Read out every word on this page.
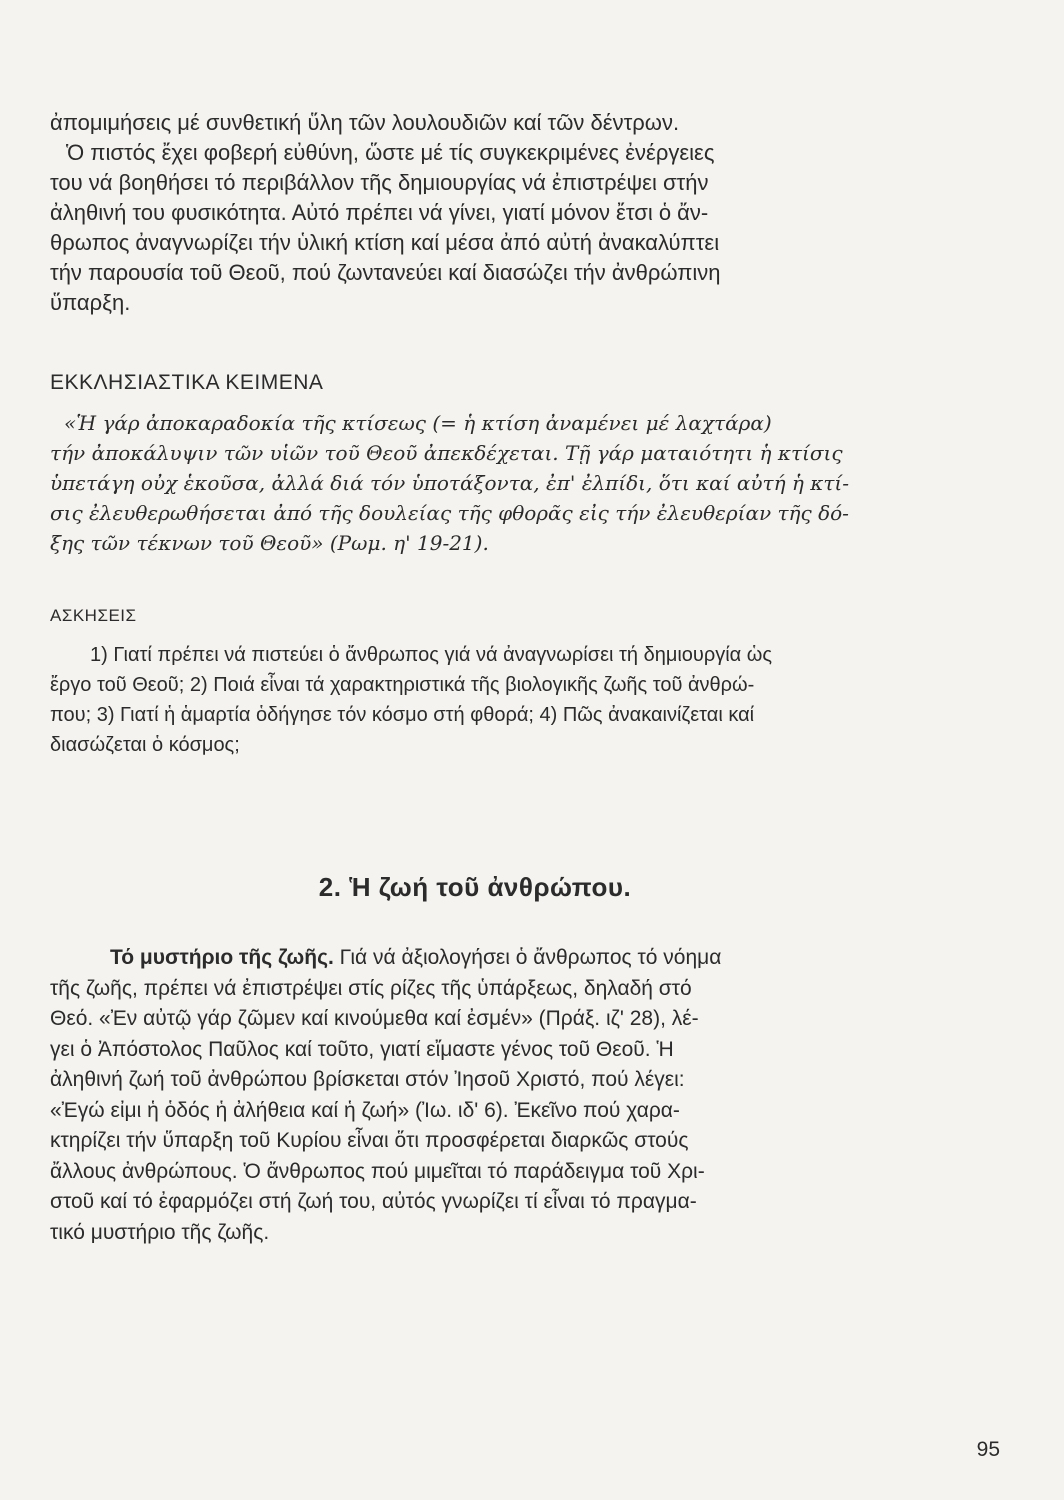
ἀπομιμήσεις μέ συνθετική ὕλη τῶν λουλουδιῶν καί τῶν δέντρων.
Ὁ πιστός ἔχει φοβερή εὐθύνη, ὥστε μέ τίς συγκεκριμένες ἐνέργειες
του νά βοηθήσει τό περιβάλλον τῆς δημιουργίας νά ἐπιστρέψει στήν
ἀληθινή του φυσικότητα. Αὐτό πρέπει νά γίνει, γιατί μόνον ἔτσι ὁ ἄν-
θρωπος ἀναγνωρίζει τήν ὑλική κτίση καί μέσα ἀπό αὐτή ἀνακαλύπτει
τήν παρουσία τοῦ Θεοῦ, πού ζωντανεύει καί διασώζει τήν ἀνθρώπινη
ὕπαρξη.

ΕΚΚΛΗΣΙΑΣΤΙΚΑ ΚΕΙΜΕΝΑ

«Ἡ γάρ ἀποκαραδοκία τῆς κτίσεως (= ἡ κτίση ἀναμένει μέ λαχτάρα)
τήν ἀποκάλυψιν τῶν υἱῶν τοῦ Θεοῦ ἀπεκδέχεται. Τῇ γάρ ματαιότητι ἡ κτίσις
ὑπετάγη οὐχ ἑκοῦσα, ἀλλά διά τόν ὑποτάξοντα, ἐπ' ἐλπίδι, ὅτι καί αὐτή ἡ κτί-
σις ἐλευθερωθήσεται ἀπό τῆς δουλείας τῆς φθορᾶς εἰς τήν ἐλευθερίαν τῆς δό-
ξης τῶν τέκνων τοῦ Θεοῦ» (Ρωμ. η' 19-21).

ΑΣΚΗΣΕΙΣ
1) Γιατί πρέπει νά πιστεύει ὁ ἄνθρωπος γιά νά ἀναγνωρίσει τή δημιουργία ὡς
ἔργο τοῦ Θεοῦ; 2) Ποιά εἶναι τά χαρακτηριστικά τῆς βιολογικῆς ζωῆς τοῦ ἀνθρώ-
που; 3) Γιατί ἡ ἁμαρτία ὁδήγησε τόν κόσμο στή φθορά; 4) Πῶς ἀνακαινίζεται καί
διασώζεται ὁ κόσμος;
2. Ἡ ζωή τοῦ ἀνθρώπου.
Τό μυστήριο τῆς ζωῆς. Γιά νά ἀξιολογήσει ὁ ἄνθρωπος τό νόημα
τῆς ζωῆς, πρέπει νά ἐπιστρέψει στίς ρίζες τῆς ὑπάρξεως, δηλαδή στό
Θεό. «Ἐν αὐτῷ γάρ ζῶμεν καί κινούμεθα καί ἐσμέν» (Πράξ. ιζ' 28), λέ-
γει ὁ Ἀπόστολος Παῦλος καί τοῦτο, γιατί εἴμαστε γένος τοῦ Θεοῦ. Ἡ
ἀληθινή ζωή τοῦ ἀνθρώπου βρίσκεται στόν Ἰησοῦ Χριστό, πού λέγει:
«Ἐγώ εἰμι ἡ ὁδός ἡ ἀλήθεια καί ἡ ζωή» (Ἰω. ιδ' 6). Ἐκεῖνο πού χαρα-
κτηρίζει τήν ὕπαρξη τοῦ Κυρίου εἶναι ὅτι προσφέρεται διαρκῶς στούς
ἄλλους ἀνθρώπους. Ὁ ἄνθρωπος πού μιμεῖται τό παράδειγμα τοῦ Χρι-
στοῦ καί τό ἐφαρμόζει στή ζωή του, αὐτός γνωρίζει τί εἶναι τό πραγμα-
τικό μυστήριο τῆς ζωῆς.
95
